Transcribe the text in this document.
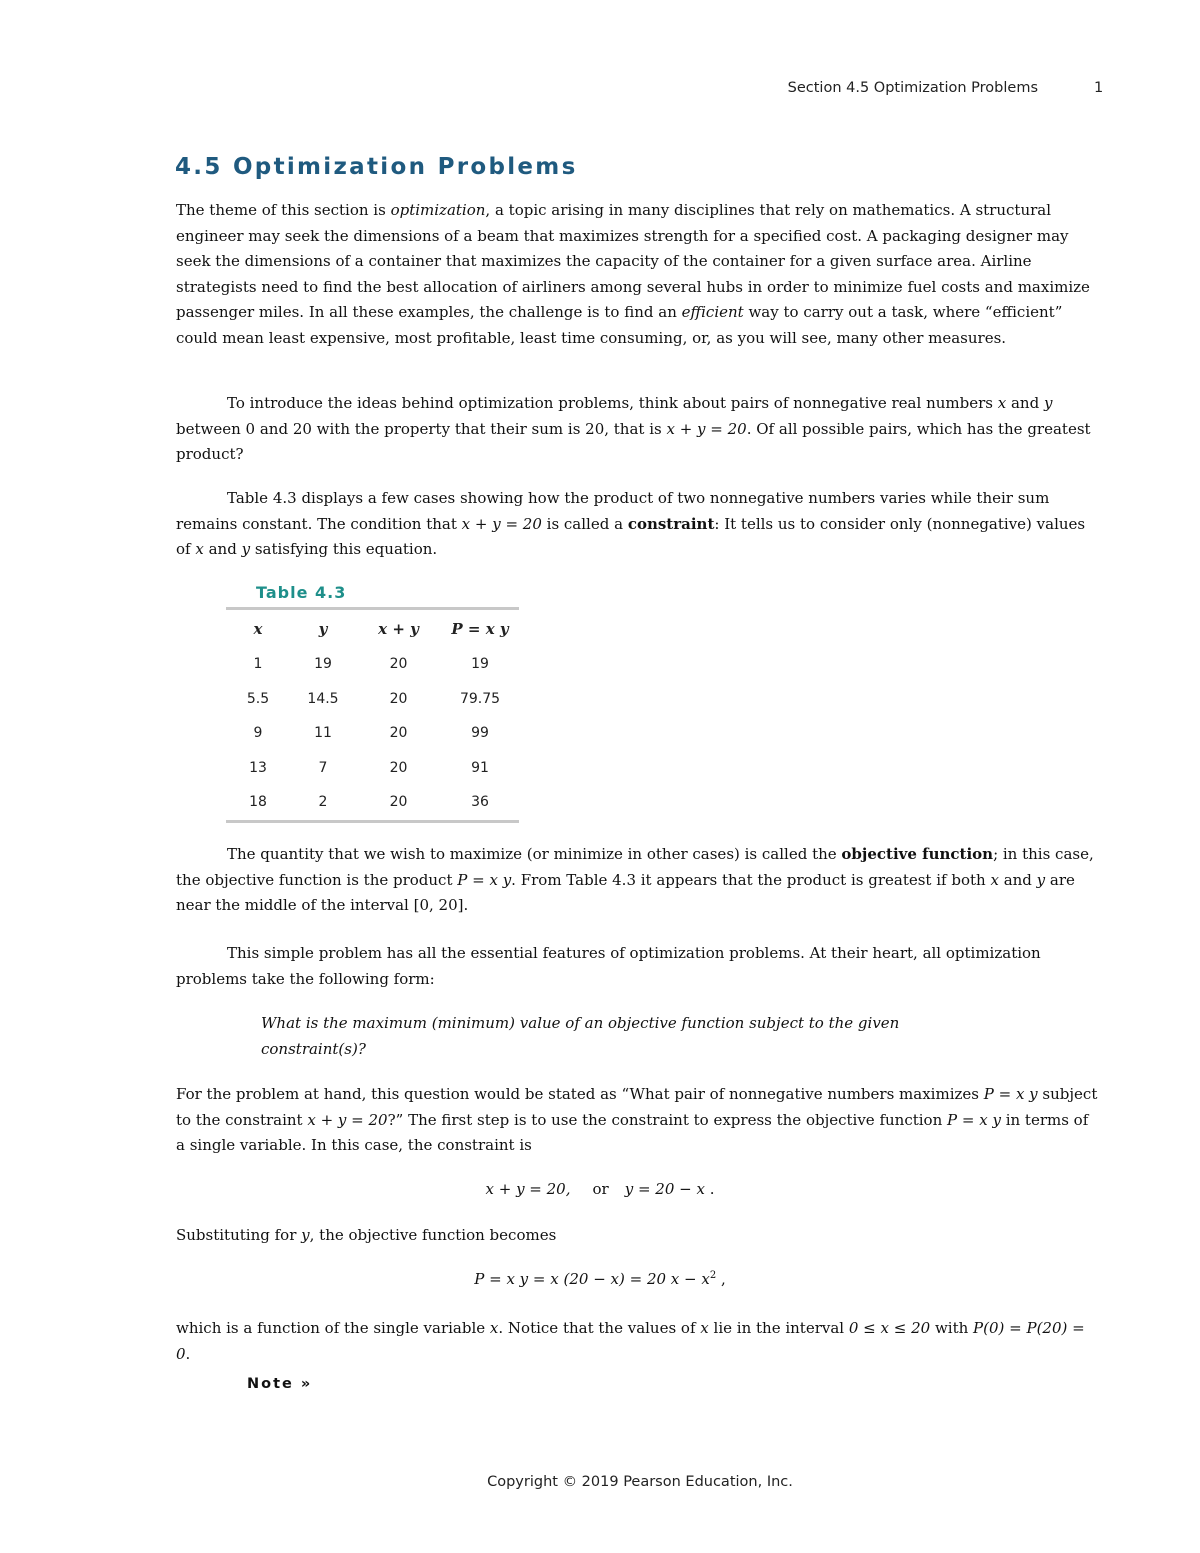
Section 4.5 Optimization Problems	1
4.5 Optimization Problems

The theme of this section is optimization, a topic arising in many disciplines that rely on mathematics. A structural engineer may seek the dimensions of a beam that maximizes strength for a specified cost. A packaging designer may seek the dimensions of a container that maximizes the capacity of the container for a given surface area. Airline strategists need to find the best allocation of airliners among several hubs in order to minimize fuel costs and maximize passenger miles. In all these examples, the challenge is to find an efficient way to carry out a task, where “efficient” could mean least expensive, most profitable, least time consuming, or, as you will see, many other measures.

To introduce the ideas behind optimization problems, think about pairs of nonnegative real numbers x and y between 0 and 20 with the property that their sum is 20, that is x + y = 20. Of all possible pairs, which has the greatest product?

Table 4.3 displays a few cases showing how the product of two nonnegative numbers varies while their sum remains constant. The condition that x + y = 20 is called a constraint: It tells us to consider only (nonnegative) values of x and y satisfying this equation.

Table 4.3
x	y	x + y	P = x y
1	19	20	19
5.5	14.5	20	79.75
9	11	20	99
13	7	20	91
18	2	20	36

The quantity that we wish to maximize (or minimize in other cases) is called the objective function; in this case, the objective function is the product P = x y. From Table 4.3 it appears that the product is greatest if both x and y are near the middle of the interval [0, 20].

This simple problem has all the essential features of optimization problems. At their heart, all optimization problems take the following form:

What is the maximum (minimum) value of an objective function subject to the given constraint(s)?

For the problem at hand, this question would be stated as “What pair of nonnegative numbers maximizes P = x y subject to the constraint x + y = 20?” The first step is to use the constraint to express the objective function P = x y in terms of a single variable. In this case, the constraint is

x + y = 20, or y = 20 − x .

Substituting for y, the objective function becomes

P = x y = x (20 − x) = 20 $x - x^2$ ,

which is a function of the single variable x. Notice that the values of x lie in the interval 0 ≤ x ≤ 20 with P(0) = P(20) = 0.

Note »
Copyright © 2019 Pearson Education, Inc.
